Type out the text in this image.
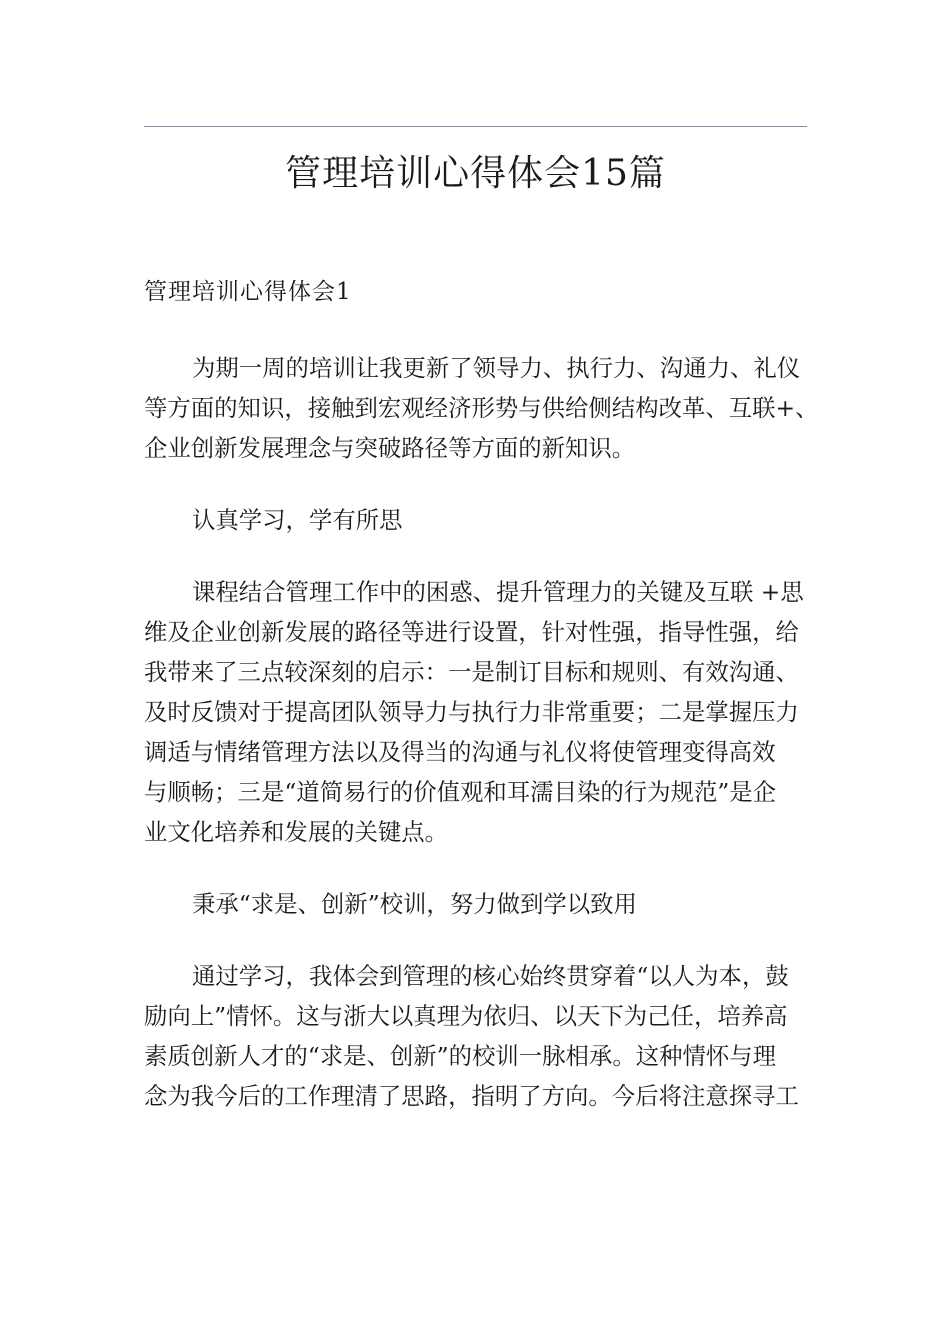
管理培训心得体会15篇
管理培训心得体会1
为期一周的培训让我更新了领导力、执行力、沟通力、礼仪
等方面的知识，接触到宏观经济形势与供给侧结构改革、互联+、
企业创新发展理念与突破路径等方面的新知识。
认真学习，学有所思
课程结合管理工作中的困惑、提升管理力的关键及互联 +思
维及企业创新发展的路径等进行设置，针对性强，指导性强，给
我带来了三点较深刻的启示：一是制订目标和规则、有效沟通、
及时反馈对于提高团队领导力与执行力非常重要；二是掌握压力
调适与情绪管理方法以及得当的沟通与礼仪将使管理变得高效
与顺畅；三是“道简易行的价值观和耳濡目染的行为规范”是企
业文化培养和发展的关键点。
秉承“求是、创新”校训，努力做到学以致用
通过学习，我体会到管理的核心始终贯穿着“以人为本，鼓
励向上”情怀。这与浙大以真理为依归、以天下为己任，培养高
素质创新人才的“求是、创新”的校训一脉相承。这种情怀与理
念为我今后的工作理清了思路，指明了方向。今后将注意探寻工
